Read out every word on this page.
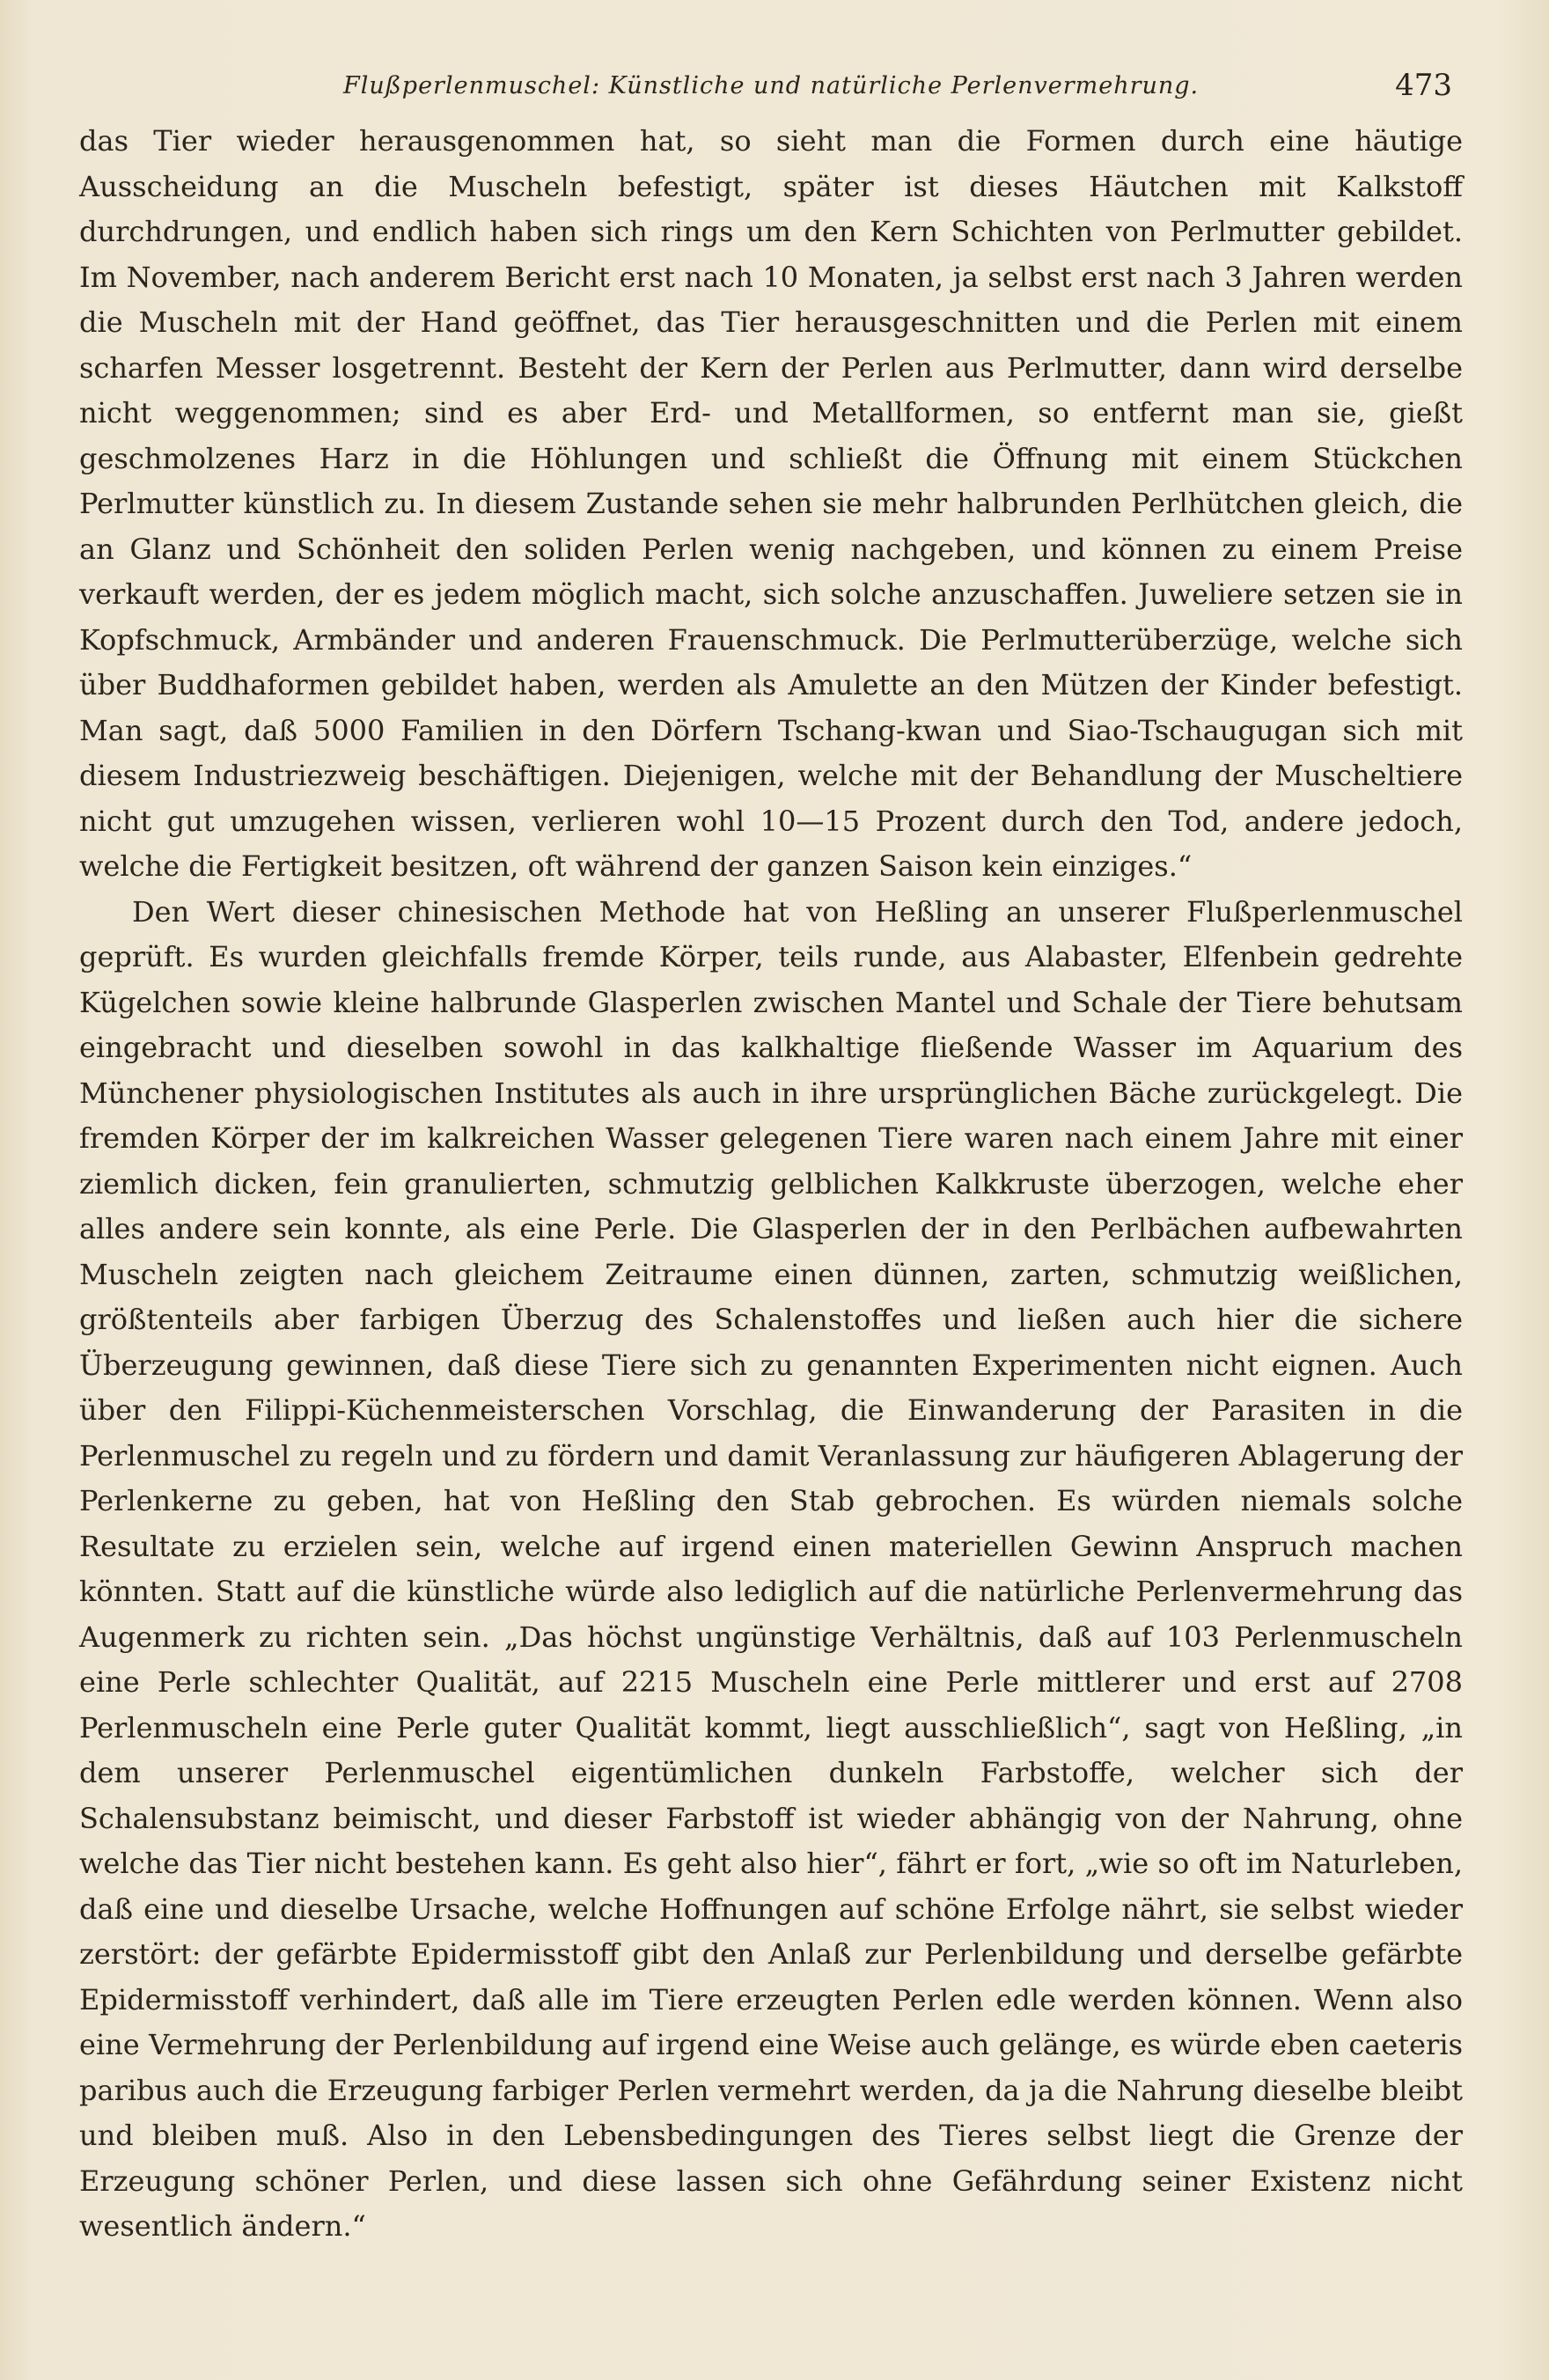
Flußperlenmuschel: Künstliche und natürliche Perlenvermehrung.	473

das Tier wieder herausgenommen hat, so sieht man die Formen durch eine häutige Ausscheidung an die Muscheln befestigt, später ist dieses Häutchen mit Kalkstoff durchdrungen, und endlich haben sich rings um den Kern Schichten von Perlmutter gebildet. Im November, nach anderem Bericht erst nach 10 Monaten, ja selbst erst nach 3 Jahren werden die Muscheln mit der Hand geöffnet, das Tier herausgeschnitten und die Perlen mit einem scharfen Messer losgetrennt. Besteht der Kern der Perlen aus Perlmutter, dann wird derselbe nicht weggenommen; sind es aber Erd- und Metallformen, so entfernt man sie, gießt geschmolzenes Harz in die Höhlungen und schließt die Öffnung mit einem Stückchen Perlmutter künstlich zu. In diesem Zustande sehen sie mehr halbrunden Perlhütchen gleich, die an Glanz und Schönheit den soliden Perlen wenig nachgeben, und können zu einem Preise verkauft werden, der es jedem möglich macht, sich solche anzuschaffen. Juweliere setzen sie in Kopfschmuck, Armbänder und anderen Frauenschmuck. Die Perlmutterüberzüge, welche sich über Buddhaformen gebildet haben, werden als Amulette an den Mützen der Kinder befestigt. Man sagt, daß 5000 Familien in den Dörfern Tschang-kwan und Siao-Tschaugugan sich mit diesem Industriezweig beschäftigen. Diejenigen, welche mit der Behandlung der Muscheltiere nicht gut umzugehen wissen, verlieren wohl 10—15 Prozent durch den Tod, andere jedoch, welche die Fertigkeit besitzen, oft während der ganzen Saison kein einziges.“

Den Wert dieser chinesischen Methode hat von Heßling an unserer Flußperlenmuschel geprüft. Es wurden gleichfalls fremde Körper, teils runde, aus Alabaster, Elfenbein gedrehte Kügelchen sowie kleine halbrunde Glasperlen zwischen Mantel und Schale der Tiere behutsam eingebracht und dieselben sowohl in das kalkhaltige fließende Wasser im Aquarium des Münchener physiologischen Institutes als auch in ihre ursprünglichen Bäche zurückgelegt. Die fremden Körper der im kalkreichen Wasser gelegenen Tiere waren nach einem Jahre mit einer ziemlich dicken, fein granulierten, schmutzig gelblichen Kalkkruste überzogen, welche eher alles andere sein konnte, als eine Perle. Die Glasperlen der in den Perlbächen aufbewahrten Muscheln zeigten nach gleichem Zeitraume einen dünnen, zarten, schmutzig weißlichen, größtenteils aber farbigen Überzug des Schalenstoffes und ließen auch hier die sichere Überzeugung gewinnen, daß diese Tiere sich zu genannten Experimenten nicht eignen. Auch über den Filippi-Küchenmeisterschen Vorschlag, die Einwanderung der Parasiten in die Perlenmuschel zu regeln und zu fördern und damit Veranlassung zur häufigeren Ablagerung der Perlenkerne zu geben, hat von Heßling den Stab gebrochen. Es würden niemals solche Resultate zu erzielen sein, welche auf irgend einen materiellen Gewinn Anspruch machen könnten. Statt auf die künstliche würde also lediglich auf die natürliche Perlenvermehrung das Augenmerk zu richten sein. „Das höchst ungünstige Verhältnis, daß auf 103 Perlenmuscheln eine Perle schlechter Qualität, auf 2215 Muscheln eine Perle mittlerer und erst auf 2708 Perlenmuscheln eine Perle guter Qualität kommt, liegt ausschließlich“, sagt von Heßling, „in dem unserer Perlenmuschel eigentümlichen dunkeln Farbstoffe, welcher sich der Schalensubstanz beimischt, und dieser Farbstoff ist wieder abhängig von der Nahrung, ohne welche das Tier nicht bestehen kann. Es geht also hier“, fährt er fort, „wie so oft im Naturleben, daß eine und dieselbe Ursache, welche Hoffnungen auf schöne Erfolge nährt, sie selbst wieder zerstört: der gefärbte Epidermisstoff gibt den Anlaß zur Perlenbildung und derselbe gefärbte Epidermisstoff verhindert, daß alle im Tiere erzeugten Perlen edle werden können. Wenn also eine Vermehrung der Perlenbildung auf irgend eine Weise auch gelänge, es würde eben caeteris paribus auch die Erzeugung farbiger Perlen vermehrt werden, da ja die Nahrung dieselbe bleibt und bleiben muß. Also in den Lebensbedingungen des Tieres selbst liegt die Grenze der Erzeugung schöner Perlen, und diese lassen sich ohne Gefährdung seiner Existenz nicht wesentlich ändern.“
